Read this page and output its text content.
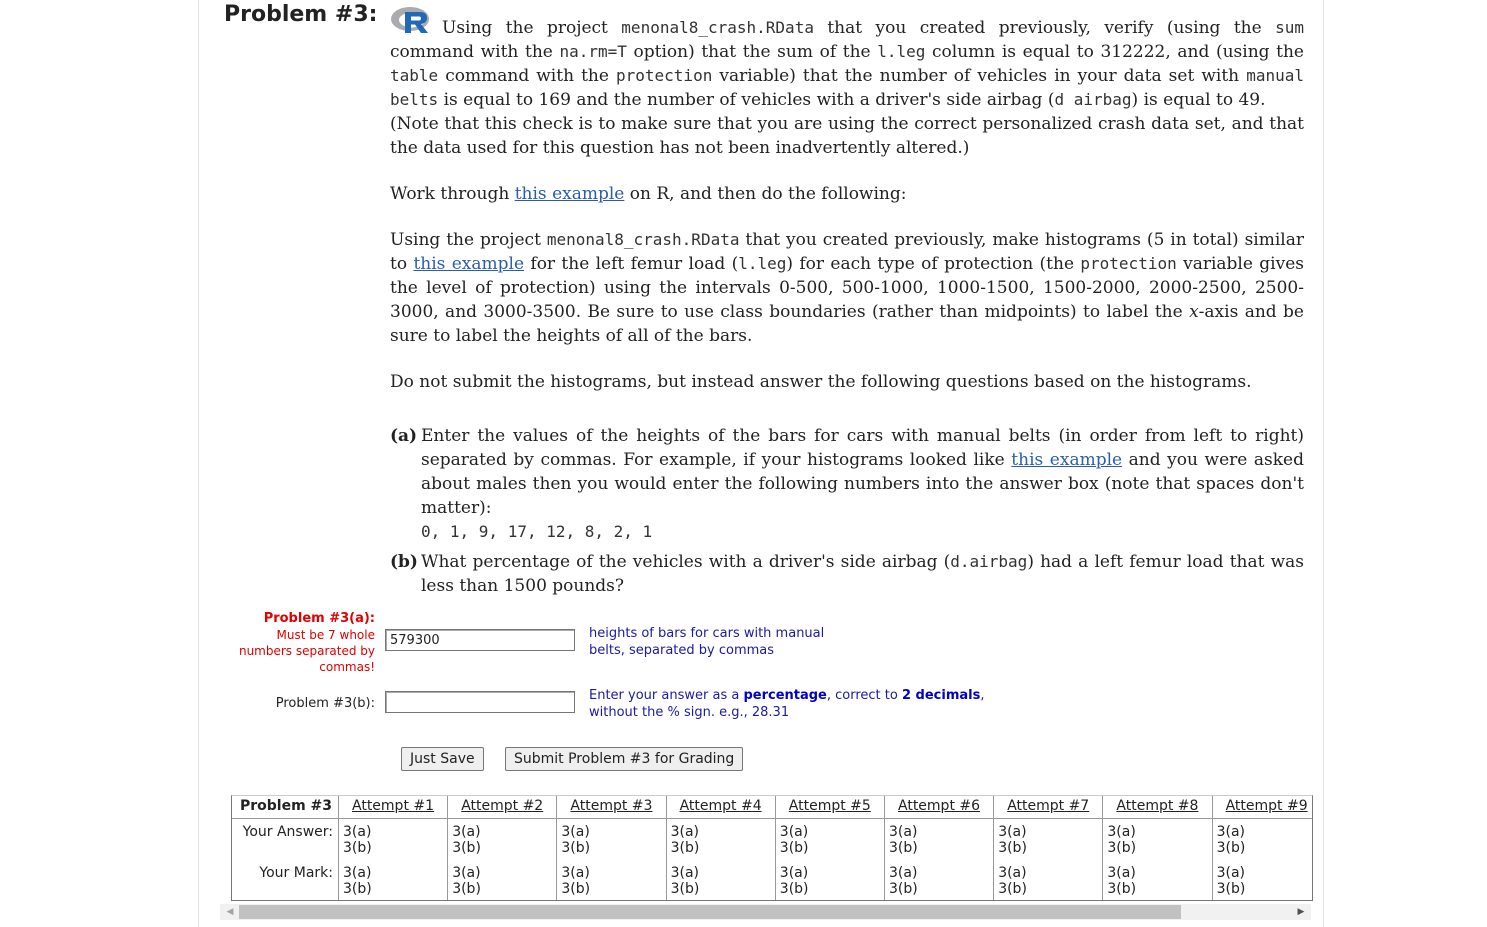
Problem #3:

Using the project menonal8_crash.RData that you created previously, verify (using the sum command with the na.rm=T option) that the sum of the l.leg column is equal to 312222, and (using the table command with the protection variable) that the number of vehicles in your data set with manual belts is equal to 169 and the number of vehicles with a driver's side airbag (d airbag) is equal to 49.

(Note that this check is to make sure that you are using the correct personalized crash data set, and that the data used for this question has not been inadvertently altered.)

Work through this example on R, and then do the following:

Using the project menonal8_crash.RData that you created previously, make histograms (5 in total) similar to this example for the left femur load (l.leg) for each type of protection (the protection variable gives the level of protection) using the intervals 0-500, 500-1000, 1000-1500, 1500-2000, 2000-2500, 2500-3000, and 3000-3500. Be sure to use class boundaries (rather than midpoints) to label the x-axis and be sure to label the heights of all of the bars.

Do not submit the histograms, but instead answer the following questions based on the histograms.

(a) Enter the values of the heights of the bars for cars with manual belts (in order from left to right) separated by commas. For example, if your histograms looked like this example and you were asked about males then you would enter the following numbers into the answer box (note that spaces don't matter):
0, 1, 9, 17, 12, 8, 2, 1
(b) What percentage of the vehicles with a driver's side airbag (d.airbag) had a left femur load that was less than 1500 pounds?
Problem #3(a):
Must be 7 whole numbers separated by commas!
579300
heights of bars for cars with manual belts, separated by commas
Problem #3(b):
Enter your answer as a percentage, correct to 2 decimals,
without the % sign. e.g., 28.31
Just Save	Submit Problem #3 for Grading
Problem #3
Your Answer:
Your Mark:
Attempt #1
3(a)
3(b)
3(a)
3(b)
Attempt #2
3(a)
3(b)
3(a)
3(b)
Attempt #3
3(a)
3(b)
3(a)
3(b)
Attempt #4
3(a)
3(b)
3(a)
3(b)
Attempt #5
3(a)
3(b)
3(a)
3(b)
Attempt #6
3(a)
3(b)
3(a)
3(b)
Attempt #7
3(a)
3(b)
3(a)
3(b)
Attempt #8
3(a)
3(b)
3(a)
3(b)
Attempt #9
3(a)
3(b)
3(a)
3(b)
◀	▶
